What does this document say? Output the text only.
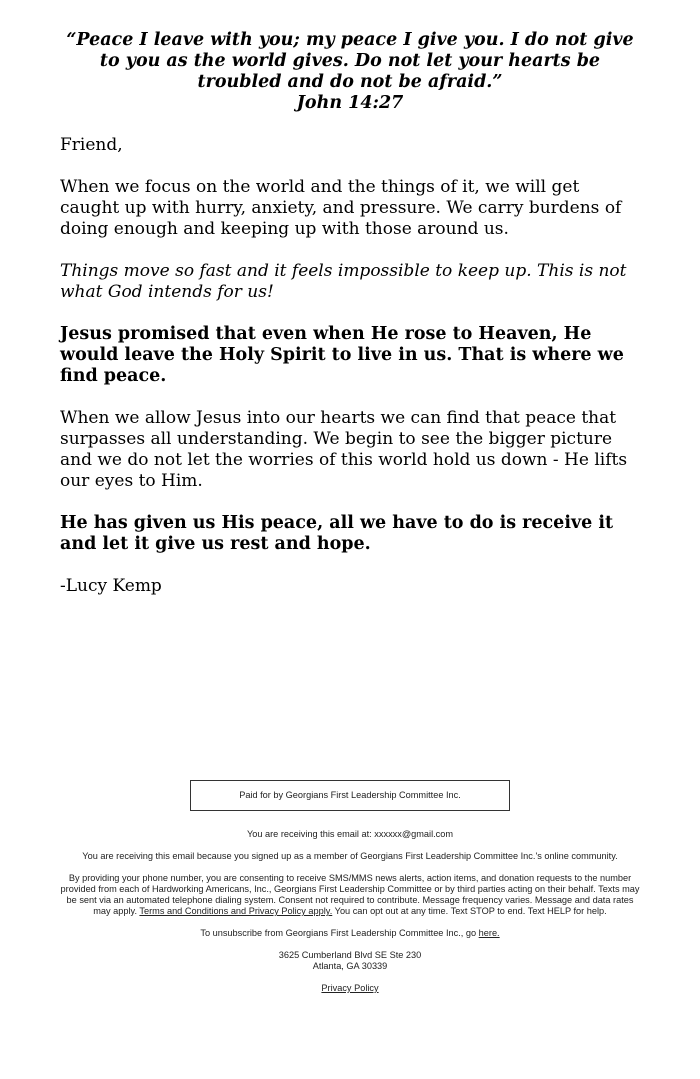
“Peace I leave with you; my peace I give you. I do not give to you as the world gives. Do not let your hearts be troubled and do not be afraid.”
John 14:27

Friend,

When we focus on the world and the things of it, we will get caught up with hurry, anxiety, and pressure. We carry burdens of doing enough and keeping up with those around us.

Things move so fast and it feels impossible to keep up. This is not what God intends for us!

Jesus promised that even when He rose to Heaven, He would leave the Holy Spirit to live in us. That is where we find peace.

When we allow Jesus into our hearts we can find that peace that surpasses all understanding. We begin to see the bigger picture and we do not let the worries of this world hold us down - He lifts our eyes to Him.

He has given us His peace, all we have to do is receive it and let it give us rest and hope.

-Lucy Kemp

Paid for by Georgians First Leadership Committee Inc.

You are receiving this email at: xxxxxx@gmail.com

You are receiving this email because you signed up as a member of Georgians First Leadership Committee Inc.'s online community.

By providing your phone number, you are consenting to receive SMS/MMS news alerts, action items, and donation requests to the number provided from each of Hardworking Americans, Inc., Georgians First Leadership Committee or by third parties acting on their behalf. Texts may be sent via an automated telephone dialing system. Consent not required to contribute. Message frequency varies. Message and data rates may apply. Terms and Conditions and Privacy Policy apply. You can opt out at any time. Text STOP to end. Text HELP for help.

To unsubscribe from Georgians First Leadership Committee Inc., go here.

3625 Cumberland Blvd SE Ste 230
Atlanta, GA 30339

Privacy Policy
